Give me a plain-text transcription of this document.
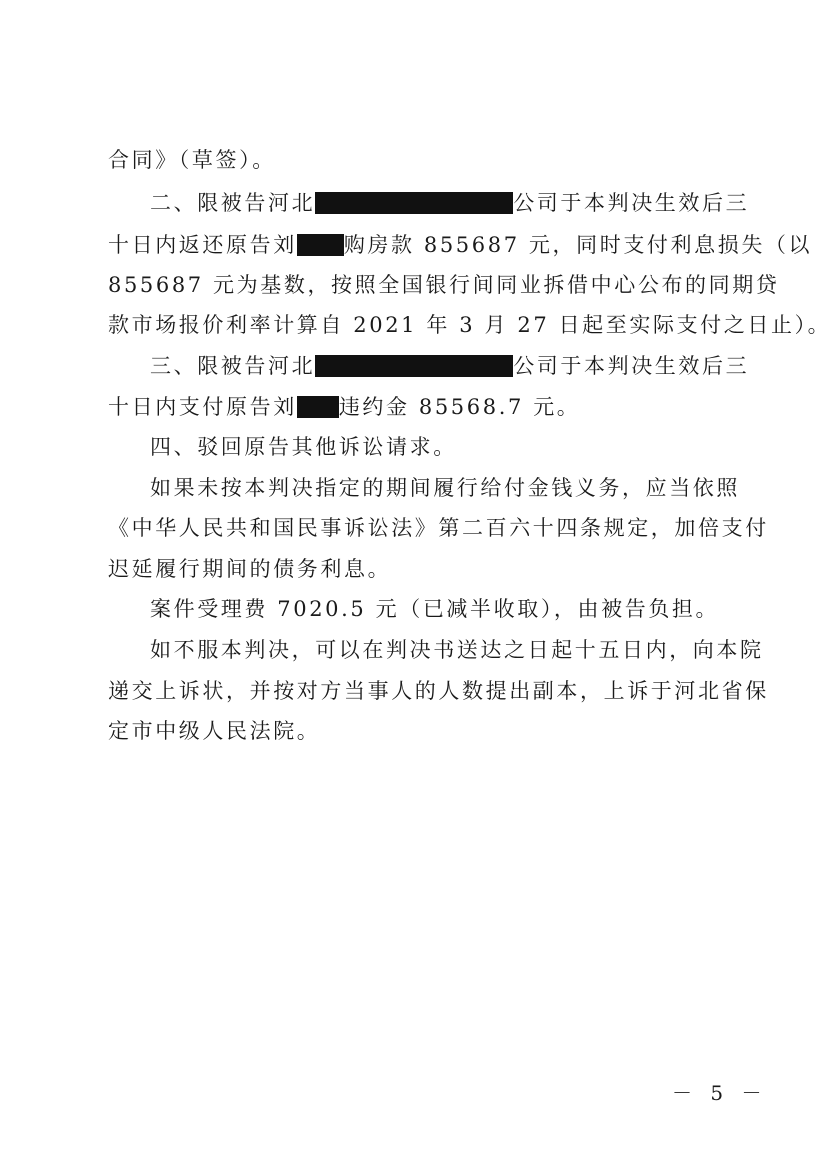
合同》（草签）。
二、限被告河北	公司于本判决生效后三
十日内返还原告刘 购房款 855687 元，同时支付利息损失（以
855687 元为基数，按照全国银行间同业拆借中心公布的同期贷
款市场报价利率计算自 2021 年 3 月 27 日起至实际支付之日止）。
三、限被告河北	公司于本判决生效后三
十日内支付原告刘 违约金 85568.7 元。
四、驳回原告其他诉讼请求。
如果未按本判决指定的期间履行给付金钱义务，应当依照
《中华人民共和国民事诉讼法》第二百六十四条规定，加倍支付
迟延履行期间的债务利息。
案件受理费 7020.5 元（已减半收取），由被告负担。
如不服本判决，可以在判决书送达之日起十五日内，向本院
递交上诉状，并按对方当事人的人数提出副本，上诉于河北省保
定市中级人民法院。
－ 5 －
